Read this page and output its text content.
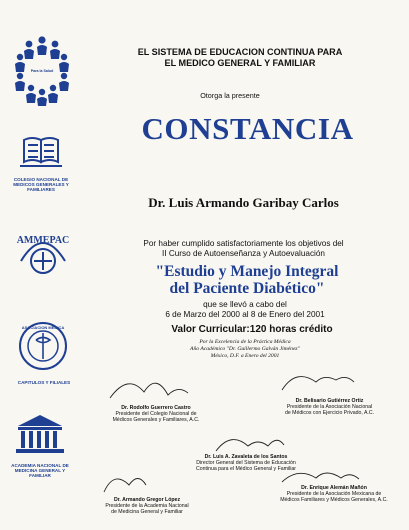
Para la Salud
COLEGIO NACIONAL DE
MEDICOS GENERALES Y FAMILIARES
AMMEPAC
ASOCIACION MEDICA
CAPITULOS Y FILIALES
ACADEMIA NACIONAL DE
MEDICINA GENERAL Y FAMILIAR
EL SISTEMA DE EDUCACION CONTINUA PARA
EL MEDICO GENERAL Y FAMILIAR
Otorga la presente
CONSTANCIA
Dr. Luis Armando Garibay Carlos
Por haber cumplido satisfactoriamente los objetivos del
II Curso de Autoenseñanza y Autoevaluación
"Estudio y Manejo Integral
del Paciente Diabético"
que se llevó a cabo del
6 de Marzo del 2000 al 8 de Enero del 2001
Valor Curricular:120 horas crédito
Por la Excelencia de la Práctica Médica
Año Académico "Dr. Guillermo Galván Jiménez"
México, D.F. a Enero del 2001
Dr. Rodolfo Guerrero Castro
Presidente del Colegio Nacional de
Médicos Generales y Familiares, A.C.
Dr. Belisario Gutiérrez Ortiz
Presidente de la Asociación Nacional
de Médicos con Ejercicio Privado, A.C.
Dr. Luis A. Zavaleta de los Santos
Director General del Sistema de Educación
Continua para el Médico General y Familiar
Dr. Armando Gregor López
Presidente de la Academia Nacional
de Medicina General y Familiar
Dr. Enrique Alemán Mañón
Presidente de la Asociación Mexicana de
Médicos Familiares y Médicos Generales, A.C.
